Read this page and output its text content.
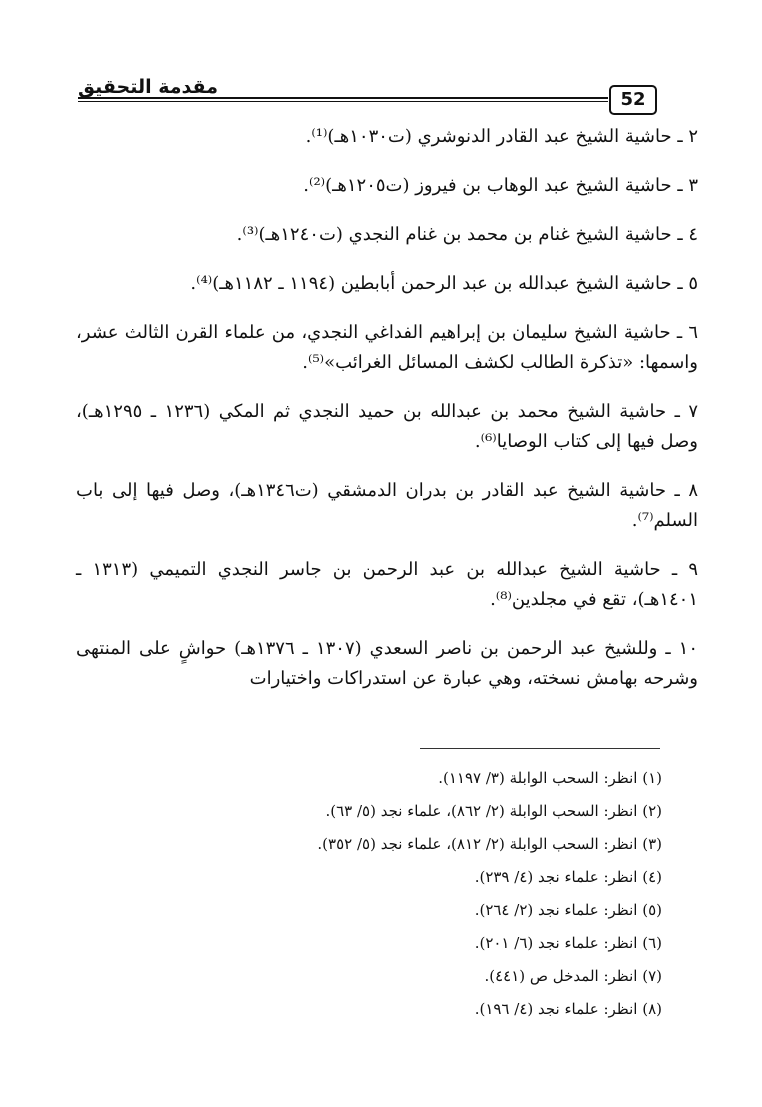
مقدمة التحقيق
52

٢ ـ حاشية الشيخ عبد القادر الدنوشري (ت١٠٣٠هـ)⁽¹⁾.

٣ ـ حاشية الشيخ عبد الوهاب بن فيروز (ت١٢٠٥هـ)⁽²⁾.

٤ ـ حاشية الشيخ غنام بن محمد بن غنام النجدي (ت١٢٤٠هـ)⁽³⁾.

٥ ـ حاشية الشيخ عبدالله بن عبد الرحمن أبابطين (١١٩٤ ـ ١١٨٢هـ)⁽⁴⁾.

٦ ـ حاشية الشيخ سليمان بن إبراهيم الفداغي النجدي، من علماء القرن الثالث عشر، واسمها: «تذكرة الطالب لكشف المسائل الغرائب»⁽⁵⁾.

٧ ـ حاشية الشيخ محمد بن عبدالله بن حميد النجدي ثم المكي (١٢٣٦ ـ ١٢٩٥هـ)، وصل فيها إلى كتاب الوصايا⁽⁶⁾.

٨ ـ حاشية الشيخ عبد القادر بن بدران الدمشقي (ت١٣٤٦هـ)، وصل فيها إلى باب السلم⁽⁷⁾.

٩ ـ حاشية الشيخ عبدالله بن عبد الرحمن بن جاسر النجدي التميمي (١٣١٣ ـ ١٤٠١هـ)، تقع في مجلدين⁽⁸⁾.

١٠ ـ وللشيخ عبد الرحمن بن ناصر السعدي (١٣٠٧ ـ ١٣٧٦هـ) حواشٍ على المنتهى وشرحه بهامش نسخته، وهي عبارة عن استدراكات واختيارات

(١) انظر: السحب الوابلة (٣/ ١١٩٧).
(٢) انظر: السحب الوابلة (٢/ ٨٦٢)، علماء نجد (٥/ ٦٣).
(٣) انظر: السحب الوابلة (٢/ ٨١٢)، علماء نجد (٥/ ٣٥٢).
(٤) انظر: علماء نجد (٤/ ٢٣٩).
(٥) انظر: علماء نجد (٢/ ٢٦٤).
(٦) انظر: علماء نجد (٦/ ٢٠١).
(٧) انظر: المدخل ص (٤٤١).
(٨) انظر: علماء نجد (٤/ ١٩٦).
